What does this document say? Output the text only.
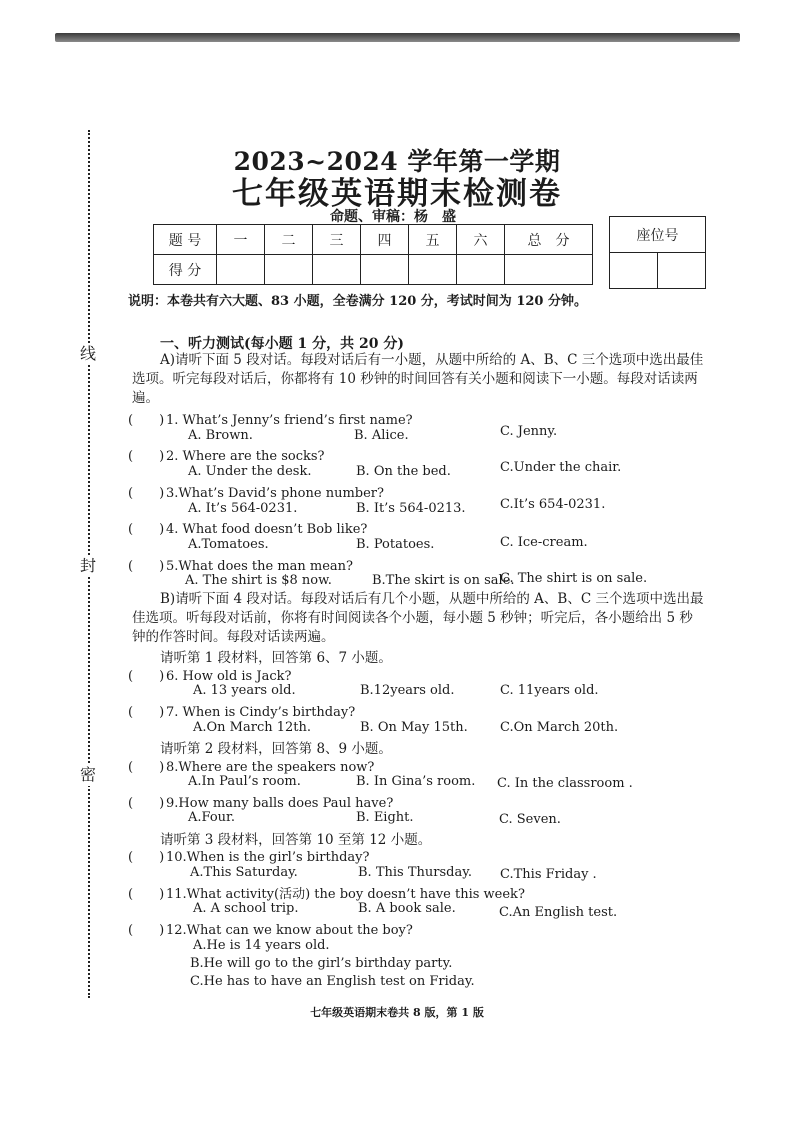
线
封
密
2023~2024 学年第一学期
七年级英语期末检测卷
命题、审稿：杨　盛
题 号	一	二	三	四	五	六	总　分
得 分							
座位号

说明：本卷共有六大题、83 小题，全卷满分 120 分，考试时间为 120 分钟。
一、听力测试(每小题 1 分，共 20 分)
A)请听下面 5 段对话。每段对话后有一小题，从题中所给的 A、B、C 三个选项中选出最佳选项。听完每段对话后，你都将有 10 秒钟的时间回答有关小题和阅读下一小题。每段对话读两遍。
(　　) 1. What’s Jenny’s friend’s first name?
A. Brown.	B. Alice.	C. Jenny.
(　　) 2. Where are the socks?
A. Under the desk.	B. On the bed.	C.Under the chair.
(　　) 3.What’s David’s phone number?
A. It’s 564-0231.	B. It’s 564-0213.	C.It’s 654-0231.
(　　) 4. What food doesn’t Bob like?
A.Tomatoes.	B. Potatoes.	C. Ice-cream.
(　　) 5.What does the man mean?
A. The shirt is $8 now.	B.The skirt is on sale.
C. The shirt is on sale.
B)请听下面 4 段对话。每段对话后有几个小题，从题中所给的 A、B、C 三个选项中选出最佳选项。听每段对话前，你将有时间阅读各个小题，每小题 5 秒钟；听完后，各小题给出 5 秒钟的作答时间。每段对话读两遍。
请听第 1 段材料，回答第 6、7 小题。
(　　) 6. How old is Jack?
A. 13 years old.	B.12years old.	C. 11years old.
(　　) 7. When is Cindy’s birthday?
A.On March 12th.	B. On May 15th. C.On March 20th.
请听第 2 段材料，回答第 8、9 小题。
(　　) 8.Where are the speakers now?
A.In Paul’s room.	B. In Gina’s room. C. In the classroom .
(　　) 9.How many balls does Paul have?
A.Four.	B. Eight.	C. Seven.
请听第 3 段材料，回答第 10 至第 12 小题。
(　　) 10.When is the girl’s birthday?
A.This Saturday.	B. This Thursday. C.This Friday .
(　　) 11.What activity(活动) the boy doesn’t have this week?
A. A school trip.	B. A book sale.	C.An English test.
(　　) 12.What can we know about the boy?
A.He is 14 years old.
B.He will go to the girl’s birthday party.
C.He has to have an English test on Friday.
七年级英语期末卷共 8 版，第 1 版
